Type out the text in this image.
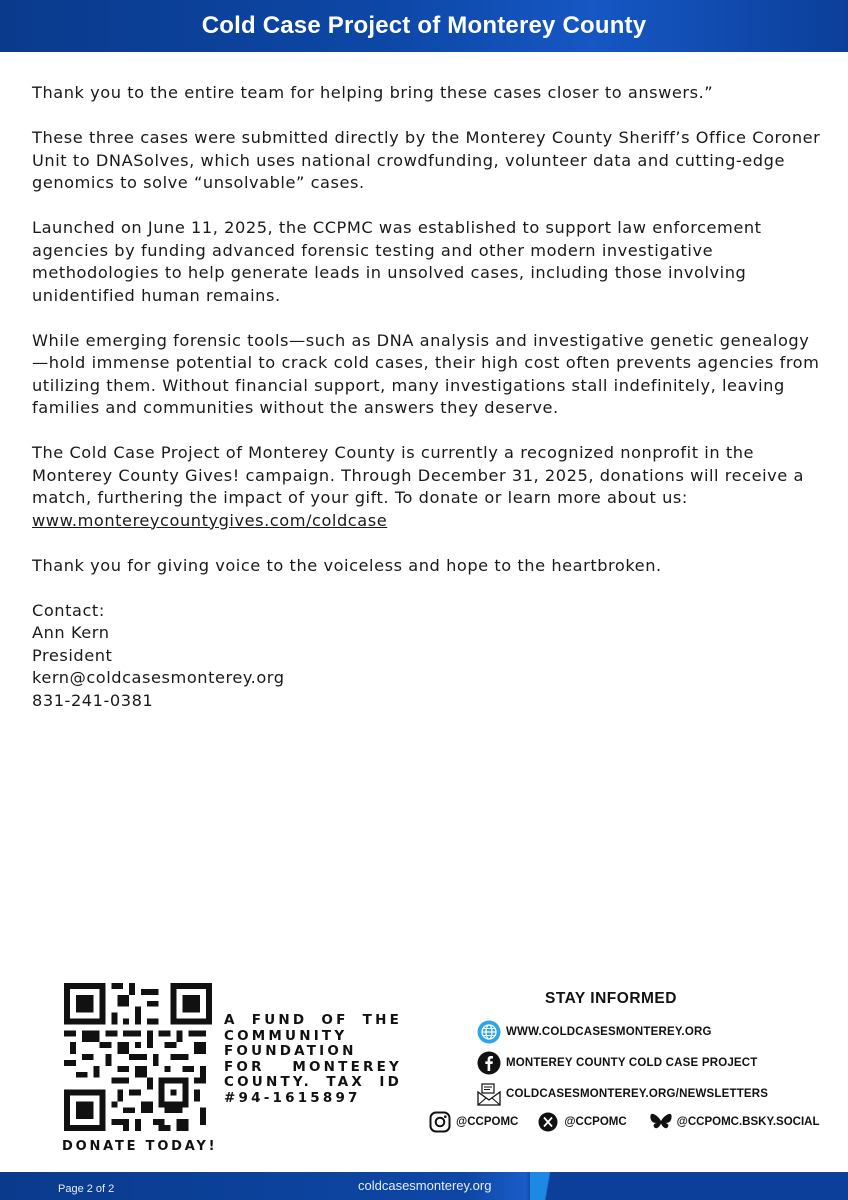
Cold Case Project of Monterey County

Thank you to the entire team for helping bring these cases closer to answers.”

These three cases were submitted directly by the Monterey County Sheriff’s Office Coroner Unit to DNASolves, which uses national crowdfunding, volunteer data and cutting-edge genomics to solve “unsolvable” cases.

Launched on June 11, 2025, the CCPMC was established to support law enforcement agencies by funding advanced forensic testing and other modern investigative methodologies to help generate leads in unsolved cases, including those involving unidentified human remains.

While emerging forensic tools—such as DNA analysis and investigative genetic genealogy—hold immense potential to crack cold cases, their high cost often prevents agencies from utilizing them. Without financial support, many investigations stall indefinitely, leaving families and communities without the answers they deserve.

The Cold Case Project of Monterey County is currently a recognized nonprofit in the Monterey County Gives! campaign. Through December 31, 2025, donations will receive a match, furthering the impact of your gift. To donate or learn more about us: www.montereycountygives.com/coldcase

Thank you for giving voice to the voiceless and hope to the heartbroken.

Contact:

Ann Kern

President

kern@coldcasesmonterey.org

831-241-0381

A FUND OF THE COMMUNITY FOUNDATION FOR MONTEREY COUNTY. TAX ID #94-1615897
DONATE TODAY!
STAY INFORMED
WWW.COLDCASESMONTEREY.ORG
MONTEREY COUNTY COLD CASE PROJECT
COLDCASESMONTEREY.ORG/NEWSLETTERS
@CCPOMC	@CCPOMC	@CCPOMC.BSKY.SOCIAL
Page 2 of 2	coldcasesmonterey.org
